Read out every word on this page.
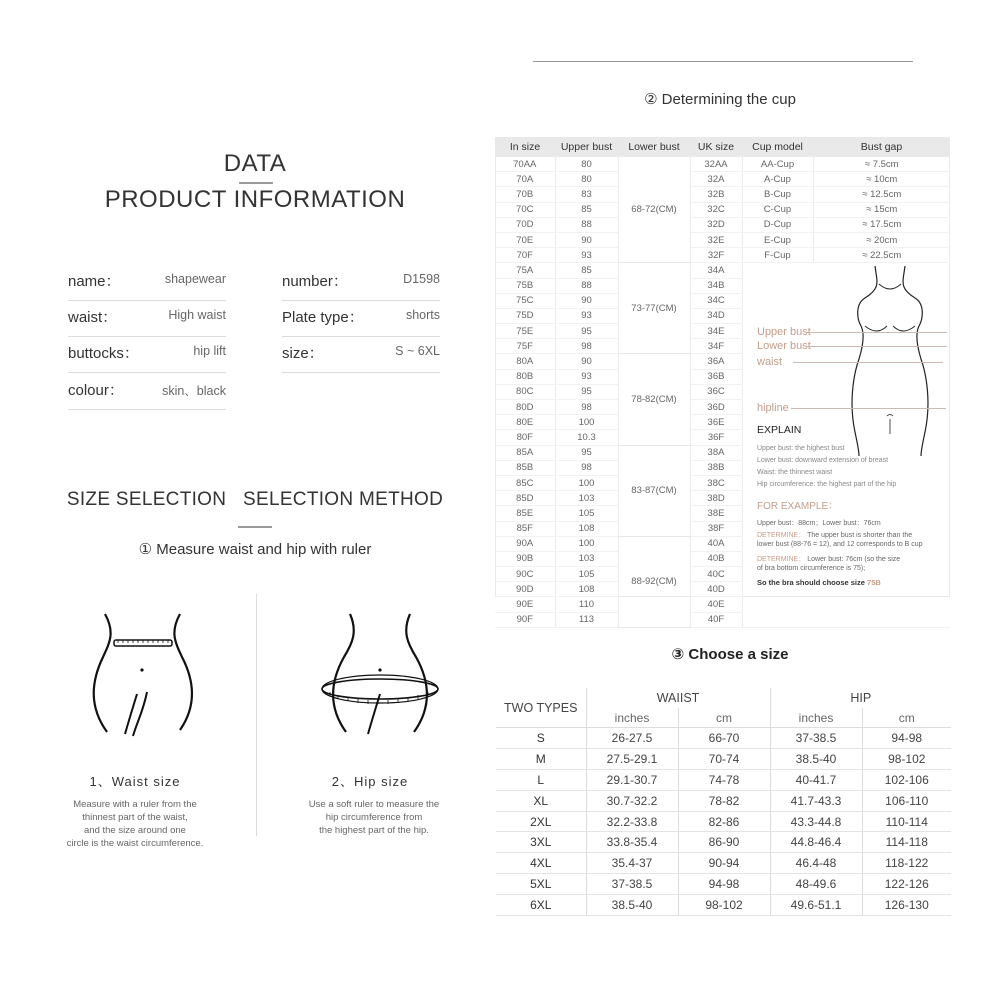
DATA
PRODUCT INFORMATION
name：	shapewear	number：	D1598
waist：	High waist	Plate type：	shorts
buttocks：	hip lift	size：	S ~ 6XL
colour：	skin、black
SIZE SELECTION   SELECTION METHOD
① Measure waist and hip with ruler
1、Waist size
Measure with a ruler from the
thinnest part of the waist,
and the size around one
circle is the waist circumference.
2、Hip size
Use a soft ruler to measure the
hip circumference from
the highest part of the hip.
② Determining the cup
In size	Upper bust	Lower bust	UK size	Cup model	Bust gap
70AA	80	68-72(CM)	32AA	AA-Cup	≈ 7.5cm
70A	80		32A	A-Cup	≈ 10cm
70B	83		32B	B-Cup	≈ 12.5cm
70C	85		32C	C-Cup	≈ 15cm
70D	88		32D	D-Cup	≈ 17.5cm
70E	90		32E	E-Cup	≈ 20cm
70F	93		32F	F-Cup	≈ 22.5cm
75A	85	73-77(CM)	34A		
75B	88		34B		
75C	90		34C		
75D	93		34D		
75E	95		34E		
75F	98		34F		
80A	90	78-82(CM)	36A		
80B	93		36B		
80C	95		36C		
80D	98		36D		
80E	100		36E		
80F	10.3		36F		
85A	95	83-87(CM)	38A		
85B	98		38B		
85C	100		38C		
85D	103		38D		
85E	105		38E		
85F	108		38F		
90A	100	88-92(CM)	40A		
90B	103		40B		
90C	105		40C		
90D	108		40D		
90E	110		40E		
90F	113		40F		
Upper bust
Lower bust
waist
hipline
EXPLAIN
Upper bust: the highest bust
Lower bust: downward extension of breast
Waist: the thinnest waist
Hip circumference: the highest part of the hip
FOR EXAMPLE：
Upper bust：88cm；Lower bust：76cm
DETERMINE： The upper bust is shorter than the
lower bust (88-76 = 12), and 12 corresponds to B cup
DETERMINE： Lower bust: 76cm (so the size
of bra bottom circumference is 75);
So the bra should choose size 75B
③ Choose a size
TWO TYPES	WAIIST		HIP	
	inches	cm	inches	cm
S	26-27.5	66-70	37-38.5	94-98
M	27.5-29.1	70-74	38.5-40	98-102
L	29.1-30.7	74-78	40-41.7	102-106
XL	30.7-32.2	78-82	41.7-43.3	106-110
2XL	32.2-33.8	82-86	43.3-44.8	110-114
3XL	33.8-35.4	86-90	44.8-46.4	114-118
4XL	35.4-37	90-94	46.4-48	118-122
5XL	37-38.5	94-98	48-49.6	122-126
6XL	38.5-40	98-102	49.6-51.1	126-130
